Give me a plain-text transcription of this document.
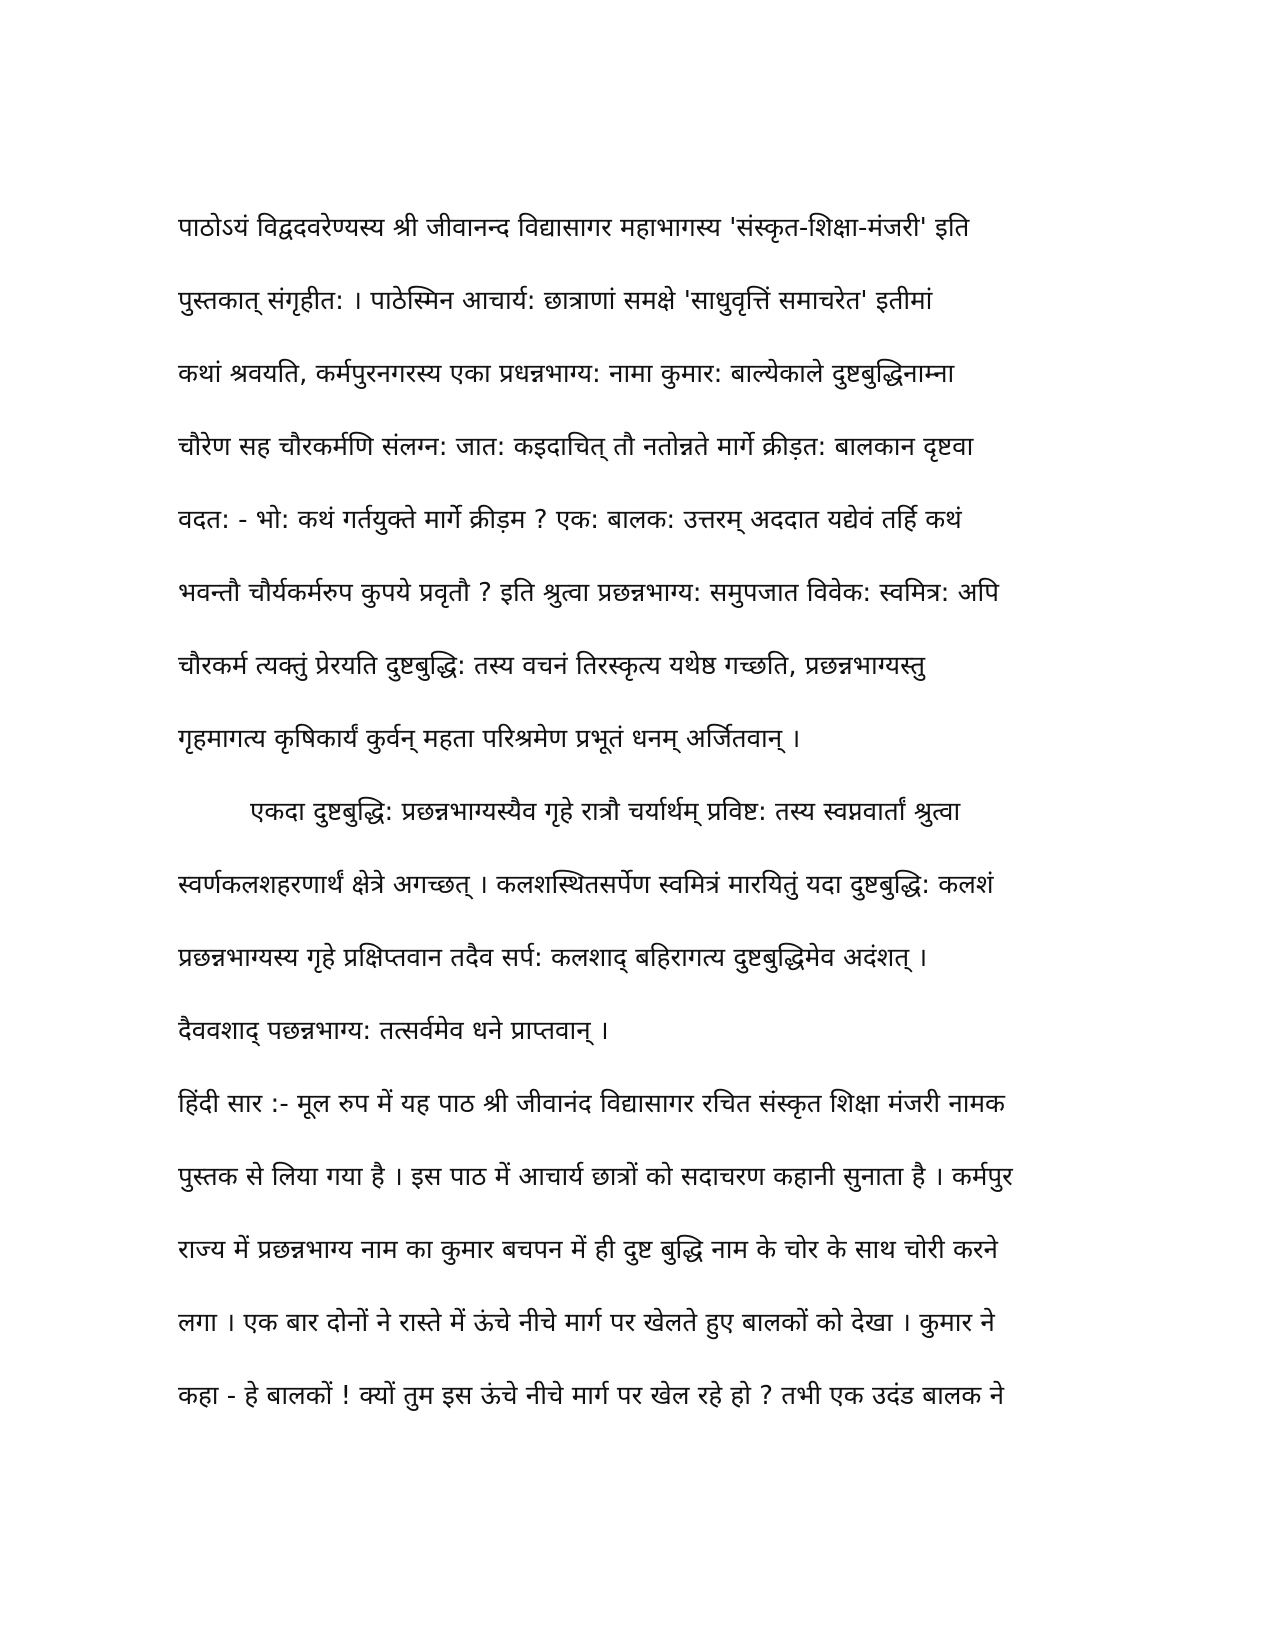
पाठोऽयं विद्वदवरेण्यस्य श्री जीवानन्द विद्यासागर महाभागस्य 'संस्कृत-शिक्षा-मंजरी' इति
पुस्तकात् संगृहीत: । पाठेस्मिन आचार्य: छात्राणां समक्षे 'साधुवृत्तिं समाचरेत' इतीमां
कथां श्रवयति, कर्मपुरनगरस्य एका प्रधन्नभाग्य: नामा कुमार: बाल्येकाले दुष्टबुद्धिनाम्ना
चौरेण सह चौरकर्मणि संलग्न: जात: कइदाचित् तौ नतोन्नते मार्गे क्रीड़त: बालकान दृष्टवा
वदत: - भो: कथं गर्तयुक्ते मार्गे क्रीड़म ? एक: बालक: उत्तरम् अददात यद्येवं तर्हि कथं
भवन्तौ चौर्यकर्मरुप कुपये प्रवृतौ ? इति श्रुत्वा प्रछन्नभाग्य: समुपजात विवेक: स्वमित्र: अपि
चौरकर्म त्यक्तुं प्रेरयति दुष्टबुद्धि: तस्य वचनं तिरस्कृत्य यथेष्ठ गच्छति, प्रछन्नभाग्यस्तु
गृहमागत्य कृषिकार्यं कुर्वन् महता परिश्रमेण प्रभूतं धनम् अर्जितवान् ।
एकदा दुष्टबुद्धि: प्रछन्नभाग्यस्यैव गृहे रात्रौ चर्यार्थम् प्रविष्ट: तस्य स्वप्नवार्तां श्रुत्वा
स्वर्णकलशहरणार्थं क्षेत्रे अगच्छत् । कलशस्थितसर्पेण स्वमित्रं मारयितुं यदा दुष्टबुद्धि: कलशं
प्रछन्नभाग्यस्य गृहे प्रक्षिप्तवान तदैव सर्प: कलशाद् बहिरागत्य दुष्टबुद्धिमेव अदंशत् ।
दैववशाद् पछन्नभाग्य: तत्सर्वमेव धने प्राप्तवान् ।
हिंदी सार :- मूल रुप में यह पाठ श्री जीवानंद विद्यासागर रचित संस्कृत शिक्षा मंजरी नामक
पुस्तक से लिया गया है । इस पाठ में आचार्य छात्रों को सदाचरण कहानी सुनाता है । कर्मपुर
राज्य में प्रछन्नभाग्य नाम का कुमार बचपन में ही दुष्ट बुद्धि नाम के चोर के साथ चोरी करने
लगा । एक बार दोनों ने रास्ते में ऊंचे नीचे मार्ग पर खेलते हुए बालकों को देखा । कुमार ने
कहा - हे बालकों ! क्यों तुम इस ऊंचे नीचे मार्ग पर खेल रहे हो ? तभी एक उदंड बालक ने
